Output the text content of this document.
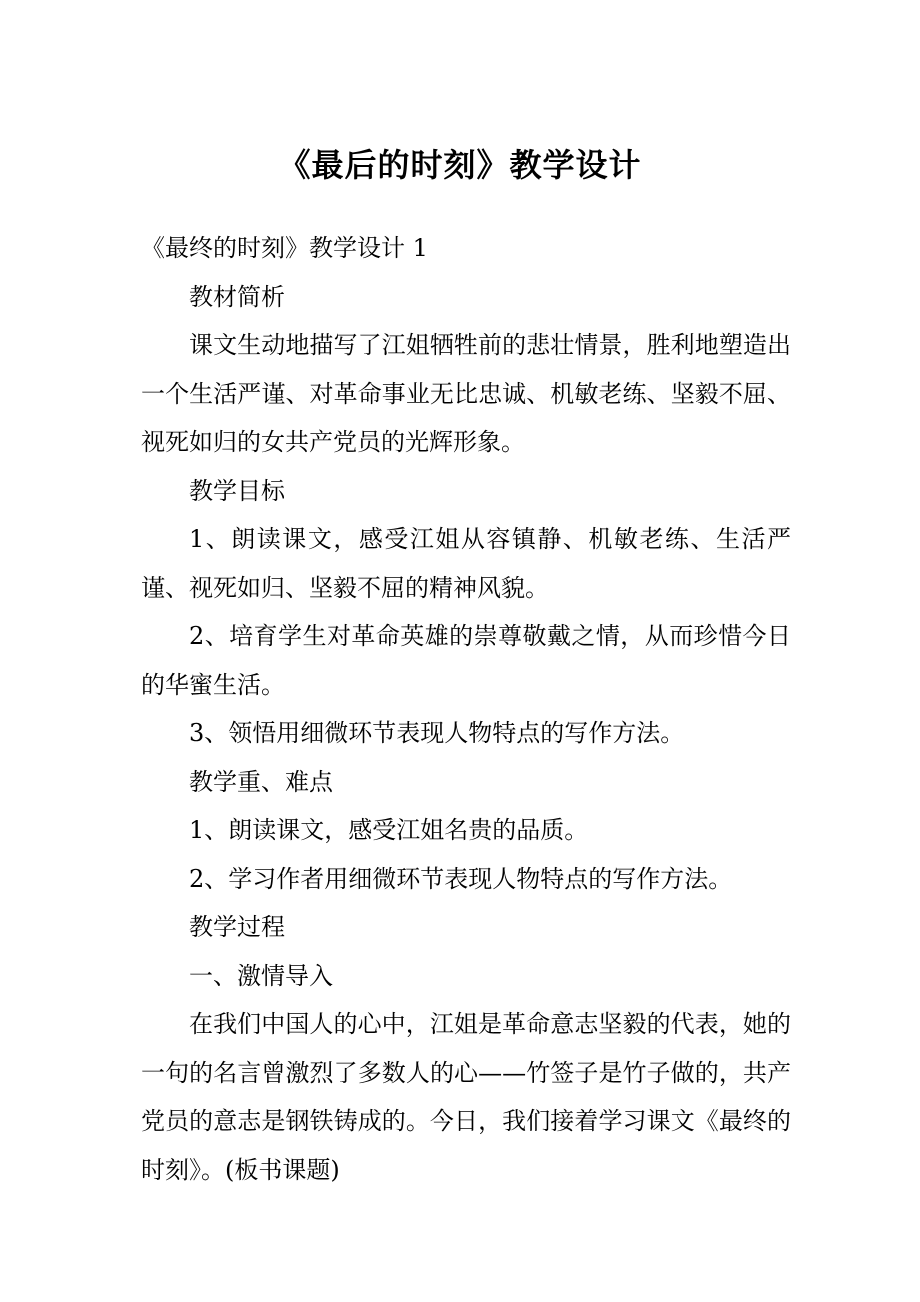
《最后的时刻》教学设计

《最终的时刻》教学设计 1

教材简析

课文生动地描写了江姐牺牲前的悲壮情景，胜利地塑造出一个生活严谨、对革命事业无比忠诚、机敏老练、坚毅不屈、视死如归的女共产党员的光辉形象。

教学目标

1、朗读课文，感受江姐从容镇静、机敏老练、生活严谨、视死如归、坚毅不屈的精神风貌。

2、培育学生对革命英雄的崇尊敬戴之情，从而珍惜今日的华蜜生活。

3、领悟用细微环节表现人物特点的写作方法。

教学重、难点

1、朗读课文，感受江姐名贵的品质。

2、学习作者用细微环节表现人物特点的写作方法。

教学过程

一、激情导入

在我们中国人的心中，江姐是革命意志坚毅的代表，她的一句的名言曾激烈了多数人的心——竹签子是竹子做的，共产党员的意志是钢铁铸成的。今日，我们接着学习课文《最终的时刻》。(板书课题)
